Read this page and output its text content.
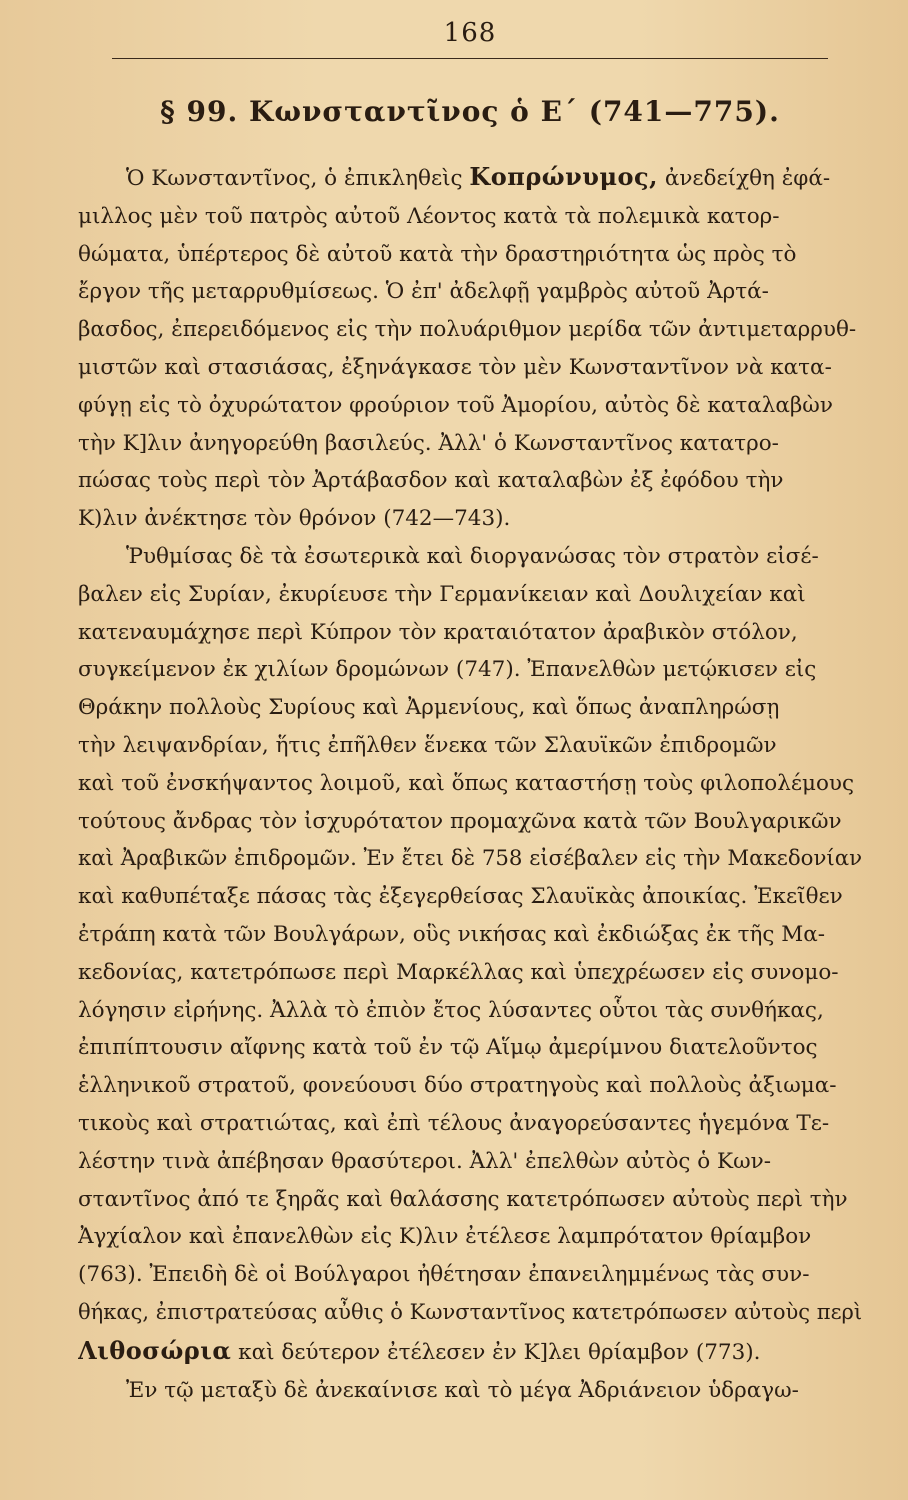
168
§ 99. Κωνσταντῖνος ὁ Ε΄ (741—775).
Ὁ Κωνσταντῖνος, ὁ ἐπικληθεὶς Κοπρώνυμος, ἀνεδείχθη ἐφά-
μιλλος μὲν τοῦ πατρὸς αὐτοῦ Λέοντος κατὰ τὰ πολεμικὰ κατορ-
θώματα, ὑπέρτερος δὲ αὐτοῦ κατὰ τὴν δραστηριότητα ὡς πρὸς τὸ
ἔργον τῆς μεταρρυθμίσεως. Ὁ ἐπ' ἀδελφῇ γαμβρὸς αὐτοῦ Ἀρτά-
βασδος, ἐπερειδόμενος εἰς τὴν πολυάριθμον μερίδα τῶν ἀντιμεταρρυθ-
μιστῶν καὶ στασιάσας, ἐξηνάγκασε τὸν μὲν Κωνσταντῖνον νὰ κατα-
φύγῃ εἰς τὸ ὀχυρώτατον φρούριον τοῦ Ἀμορίου, αὐτὸς δὲ καταλαβὼν
τὴν Κ]λιν ἀνηγορεύθη βασιλεύς. Ἀλλ' ὁ Κωνσταντῖνος κατατρο-
πώσας τοὺς περὶ τὸν Ἀρτάβασδον καὶ καταλαβὼν ἐξ ἐφόδου τὴν
Κ)λιν ἀνέκτησε τὸν θρόνον (742—743).
Ῥυθμίσας δὲ τὰ ἐσωτερικὰ καὶ διοργανώσας τὸν στρατὸν εἰσέ-
βαλεν εἰς Συρίαν, ἐκυρίευσε τὴν Γερμανίκειαν καὶ Δουλιχείαν καὶ
κατεναυμάχησε περὶ Κύπρον τὸν κραταιότατον ἀραβικὸν στόλον,
συγκείμενον ἐκ χιλίων δρομώνων (747). Ἐπανελθὼν μετῴκισεν εἰς
Θράκην πολλοὺς Συρίους καὶ Ἀρμενίους, καὶ ὅπως ἀναπληρώσῃ
τὴν λειψανδρίαν, ἥτις ἐπῆλθεν ἕνεκα τῶν Σλαυϊκῶν ἐπιδρομῶν
καὶ τοῦ ἐνσκήψαντος λοιμοῦ, καὶ ὅπως καταστήσῃ τοὺς φιλοπολέμους
τούτους ἄνδρας τὸν ἰσχυρότατον προμαχῶνα κατὰ τῶν Βουλγαρικῶν
καὶ Ἀραβικῶν ἐπιδρομῶν. Ἐν ἔτει δὲ 758 εἰσέβαλεν εἰς τὴν Μακεδονίαν
καὶ καθυπέταξε πάσας τὰς ἐξεγερθείσας Σλαυϊκὰς ἀποικίας. Ἐκεῖθεν
ἐτράπη κατὰ τῶν Βουλγάρων, οὓς νικήσας καὶ ἐκδιώξας ἐκ τῆς Μα-
κεδονίας, κατετρόπωσε περὶ Μαρκέλλας καὶ ὑπεχρέωσεν εἰς συνομο-
λόγησιν εἰρήνης. Ἀλλὰ τὸ ἐπιὸν ἔτος λύσαντες οὗτοι τὰς συνθήκας,
ἐπιπίπτουσιν αἴφνης κατὰ τοῦ ἐν τῷ Αἵμῳ ἀμερίμνου διατελοῦντος
ἑλληνικοῦ στρατοῦ, φονεύουσι δύο στρατηγοὺς καὶ πολλοὺς ἀξιωμα-
τικοὺς καὶ στρατιώτας, καὶ ἐπὶ τέλους ἀναγορεύσαντες ἡγεμόνα Τε-
λέστην τινὰ ἀπέβησαν θρασύτεροι. Ἀλλ' ἐπελθὼν αὐτὸς ὁ Κων-
σταντῖνος ἀπό τε ξηρᾶς καὶ θαλάσσης κατετρόπωσεν αὐτοὺς περὶ τὴν
Ἀγχίαλον καὶ ἐπανελθὼν εἰς Κ)λιν ἐτέλεσε λαμπρότατον θρίαμβον
(763). Ἐπειδὴ δὲ οἱ Βούλγαροι ἠθέτησαν ἐπανειλημμένως τὰς συν-
θήκας, ἐπιστρατεύσας αὖθις ὁ Κωνσταντῖνος κατετρόπωσεν αὐτοὺς περὶ
Λιθοσώρια καὶ δεύτερον ἐτέλεσεν ἐν Κ]λει θρίαμβον (773).
Ἐν τῷ μεταξὺ δὲ ἀνεκαίνισε καὶ τὸ μέγα Ἀδριάνειον ὑδραγω-
